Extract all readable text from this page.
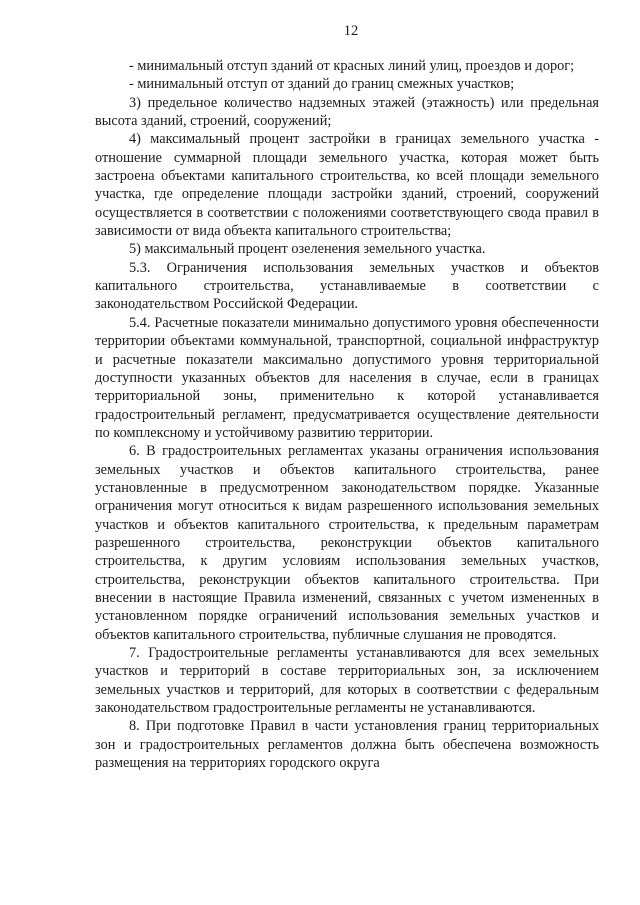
12

- минимальный отступ зданий от красных линий улиц, проездов и дорог;

- минимальный отступ от зданий до границ смежных участков;

3) предельное количество надземных этажей (этажность) или предельная высота зданий, строений, сооружений;

4) максимальный процент застройки в границах земельного участка - отношение суммарной площади земельного участка, которая может быть застроена объектами капитального строительства, ко всей площади земельного участка, где определение площади застройки зданий, строений, сооружений осуществляется в соответствии с положениями соответствующего свода правил в зависимости от вида объекта капитального строительства;

5) максимальный процент озеленения земельного участка.

5.3. Ограничения использования земельных участков и объектов капитального строительства, устанавливаемые в соответствии с законодательством Российской Федерации.

5.4. Расчетные показатели минимально допустимого уровня обеспеченности территории объектами коммунальной, транспортной, социальной инфраструктур и расчетные показатели максимально допустимого уровня территориальной доступности указанных объектов для населения в случае, если в границах территориальной зоны, применительно к которой устанавливается градостроительный регламент, предусматривается осуществление деятельности по комплексному и устойчивому развитию территории.

6. В градостроительных регламентах указаны ограничения использования земельных участков и объектов капитального строительства, ранее установленные в предусмотренном законодательством порядке. Указанные ограничения могут относиться к видам разрешенного использования земельных участков и объектов капитального строительства, к предельным параметрам разрешенного строительства, реконструкции объектов капитального строительства, к другим условиям использования земельных участков, строительства, реконструкции объектов капитального строительства. При внесении в настоящие Правила изменений, связанных с учетом измененных в установленном порядке ограничений использования земельных участков и объектов капитального строительства, публичные слушания не проводятся.

7. Градостроительные регламенты устанавливаются для всех земельных участков и территорий в составе территориальных зон, за исключением земельных участков и территорий, для которых в соответствии с федеральным законодательством градостроительные регламенты не устанавливаются.

8. При подготовке Правил в части установления границ территориальных зон и градостроительных регламентов должна быть обеспечена возможность размещения на территориях городского округа
